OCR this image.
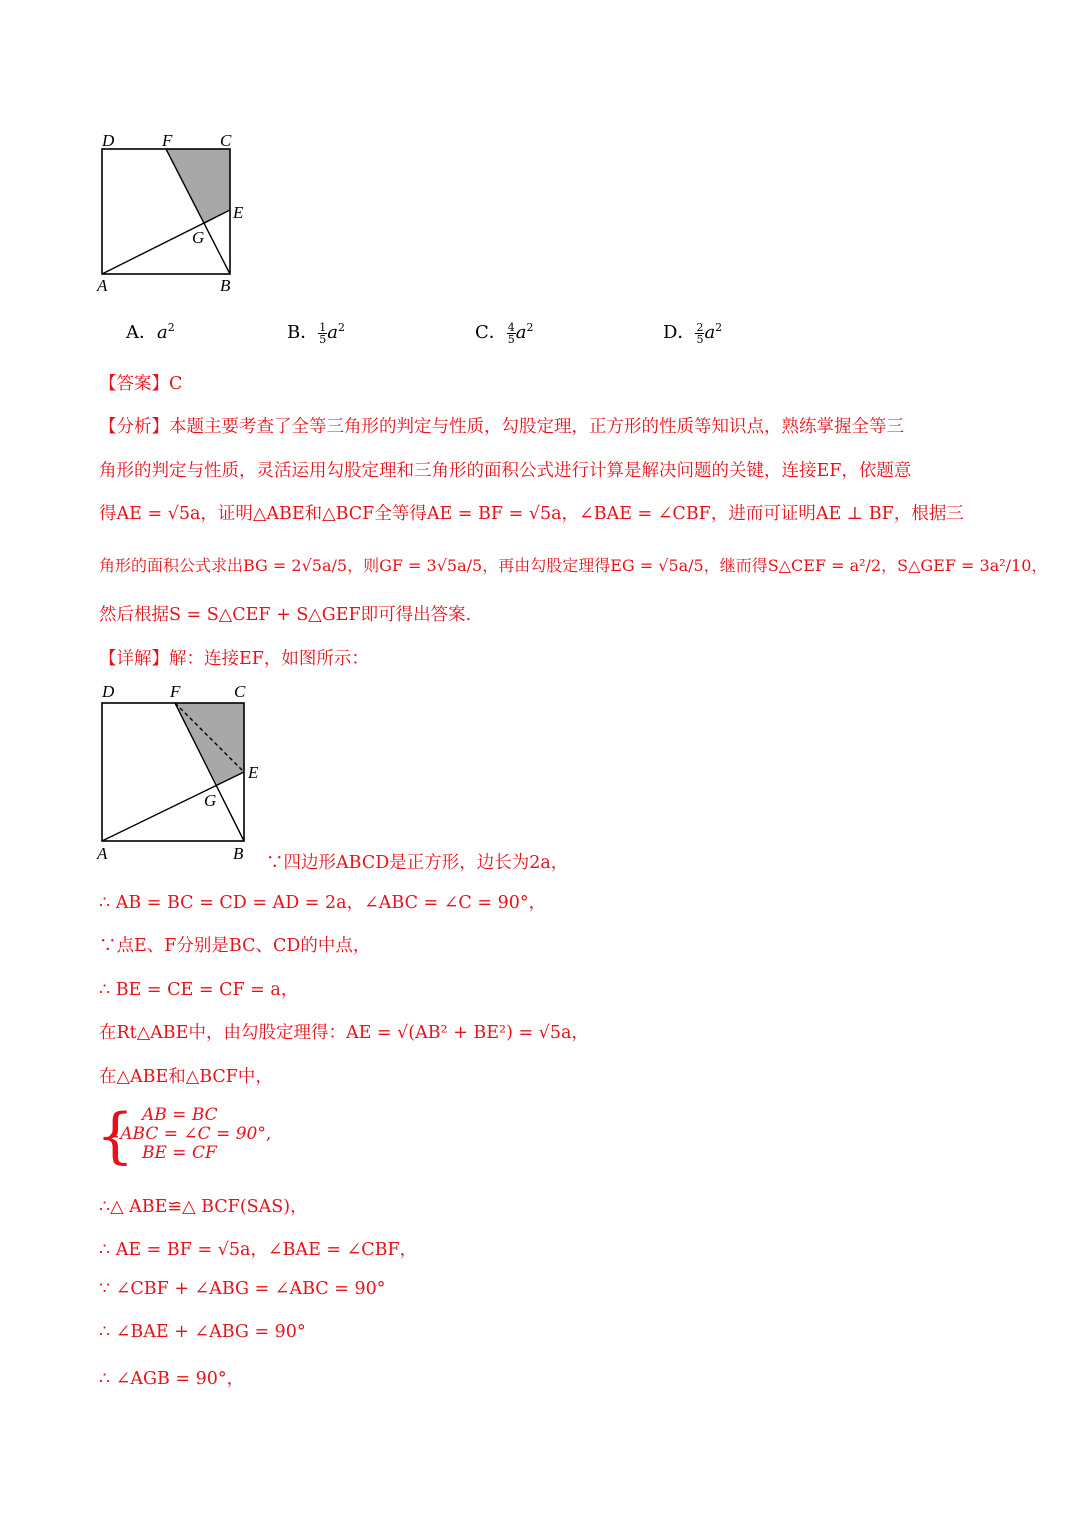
D	F	C
E
G
A	B
A．$a^2$	B． $\frac{1}{5} a^2$	C． $\frac{4}{5} a^2$	D． $\frac{2}{5} a^2$
【答案】C
【分析】本题主要考查了全等三角形的判定与性质，勾股定理，正方形的性质等知识点，熟练掌握全等三
角形的判定与性质，灵活运用勾股定理和三角形的面积公式进行计算是解决问题的关键，连接EF，依题意
得AE = √5a，证明△ABE和△BCF全等得AE = BF = √5a，∠BAE = ∠CBF，进而可证明AE ⊥ BF，根据三
角形的面积公式求出BG = 2√5a/5，则GF = 3√5a/5，再由勾股定理得EG = √5a/5，继而得S△CEF = a²/2，S△GEF = 3a²/10，
然后根据S = S△CEF + S△GEF即可得出答案.
【详解】解：连接EF，如图所示：
D	F	C
E
G
A	B ∵四边形ABCD是正方形，边长为2a，
∴ AB = BC = CD = AD = 2a，∠ABC = ∠C = 90°，
∵点E、F分别是BC、CD的中点，
∴ BE = CE = CF = a，
在Rt△ABE中，由勾股定理得：AE = √(AB² + BE²) = √5a，
在△ABE和△BCF中，
{ AB = BC
∠ABC = ∠C = 90°,
BE = CF
∴△ ABE≌△ BCF(SAS)，
∴ AE = BF = √5a，∠BAE = ∠CBF，
∵ ∠CBF + ∠ABG = ∠ABC = 90°
∴ ∠BAE + ∠ABG = 90°
∴ ∠AGB = 90°，
